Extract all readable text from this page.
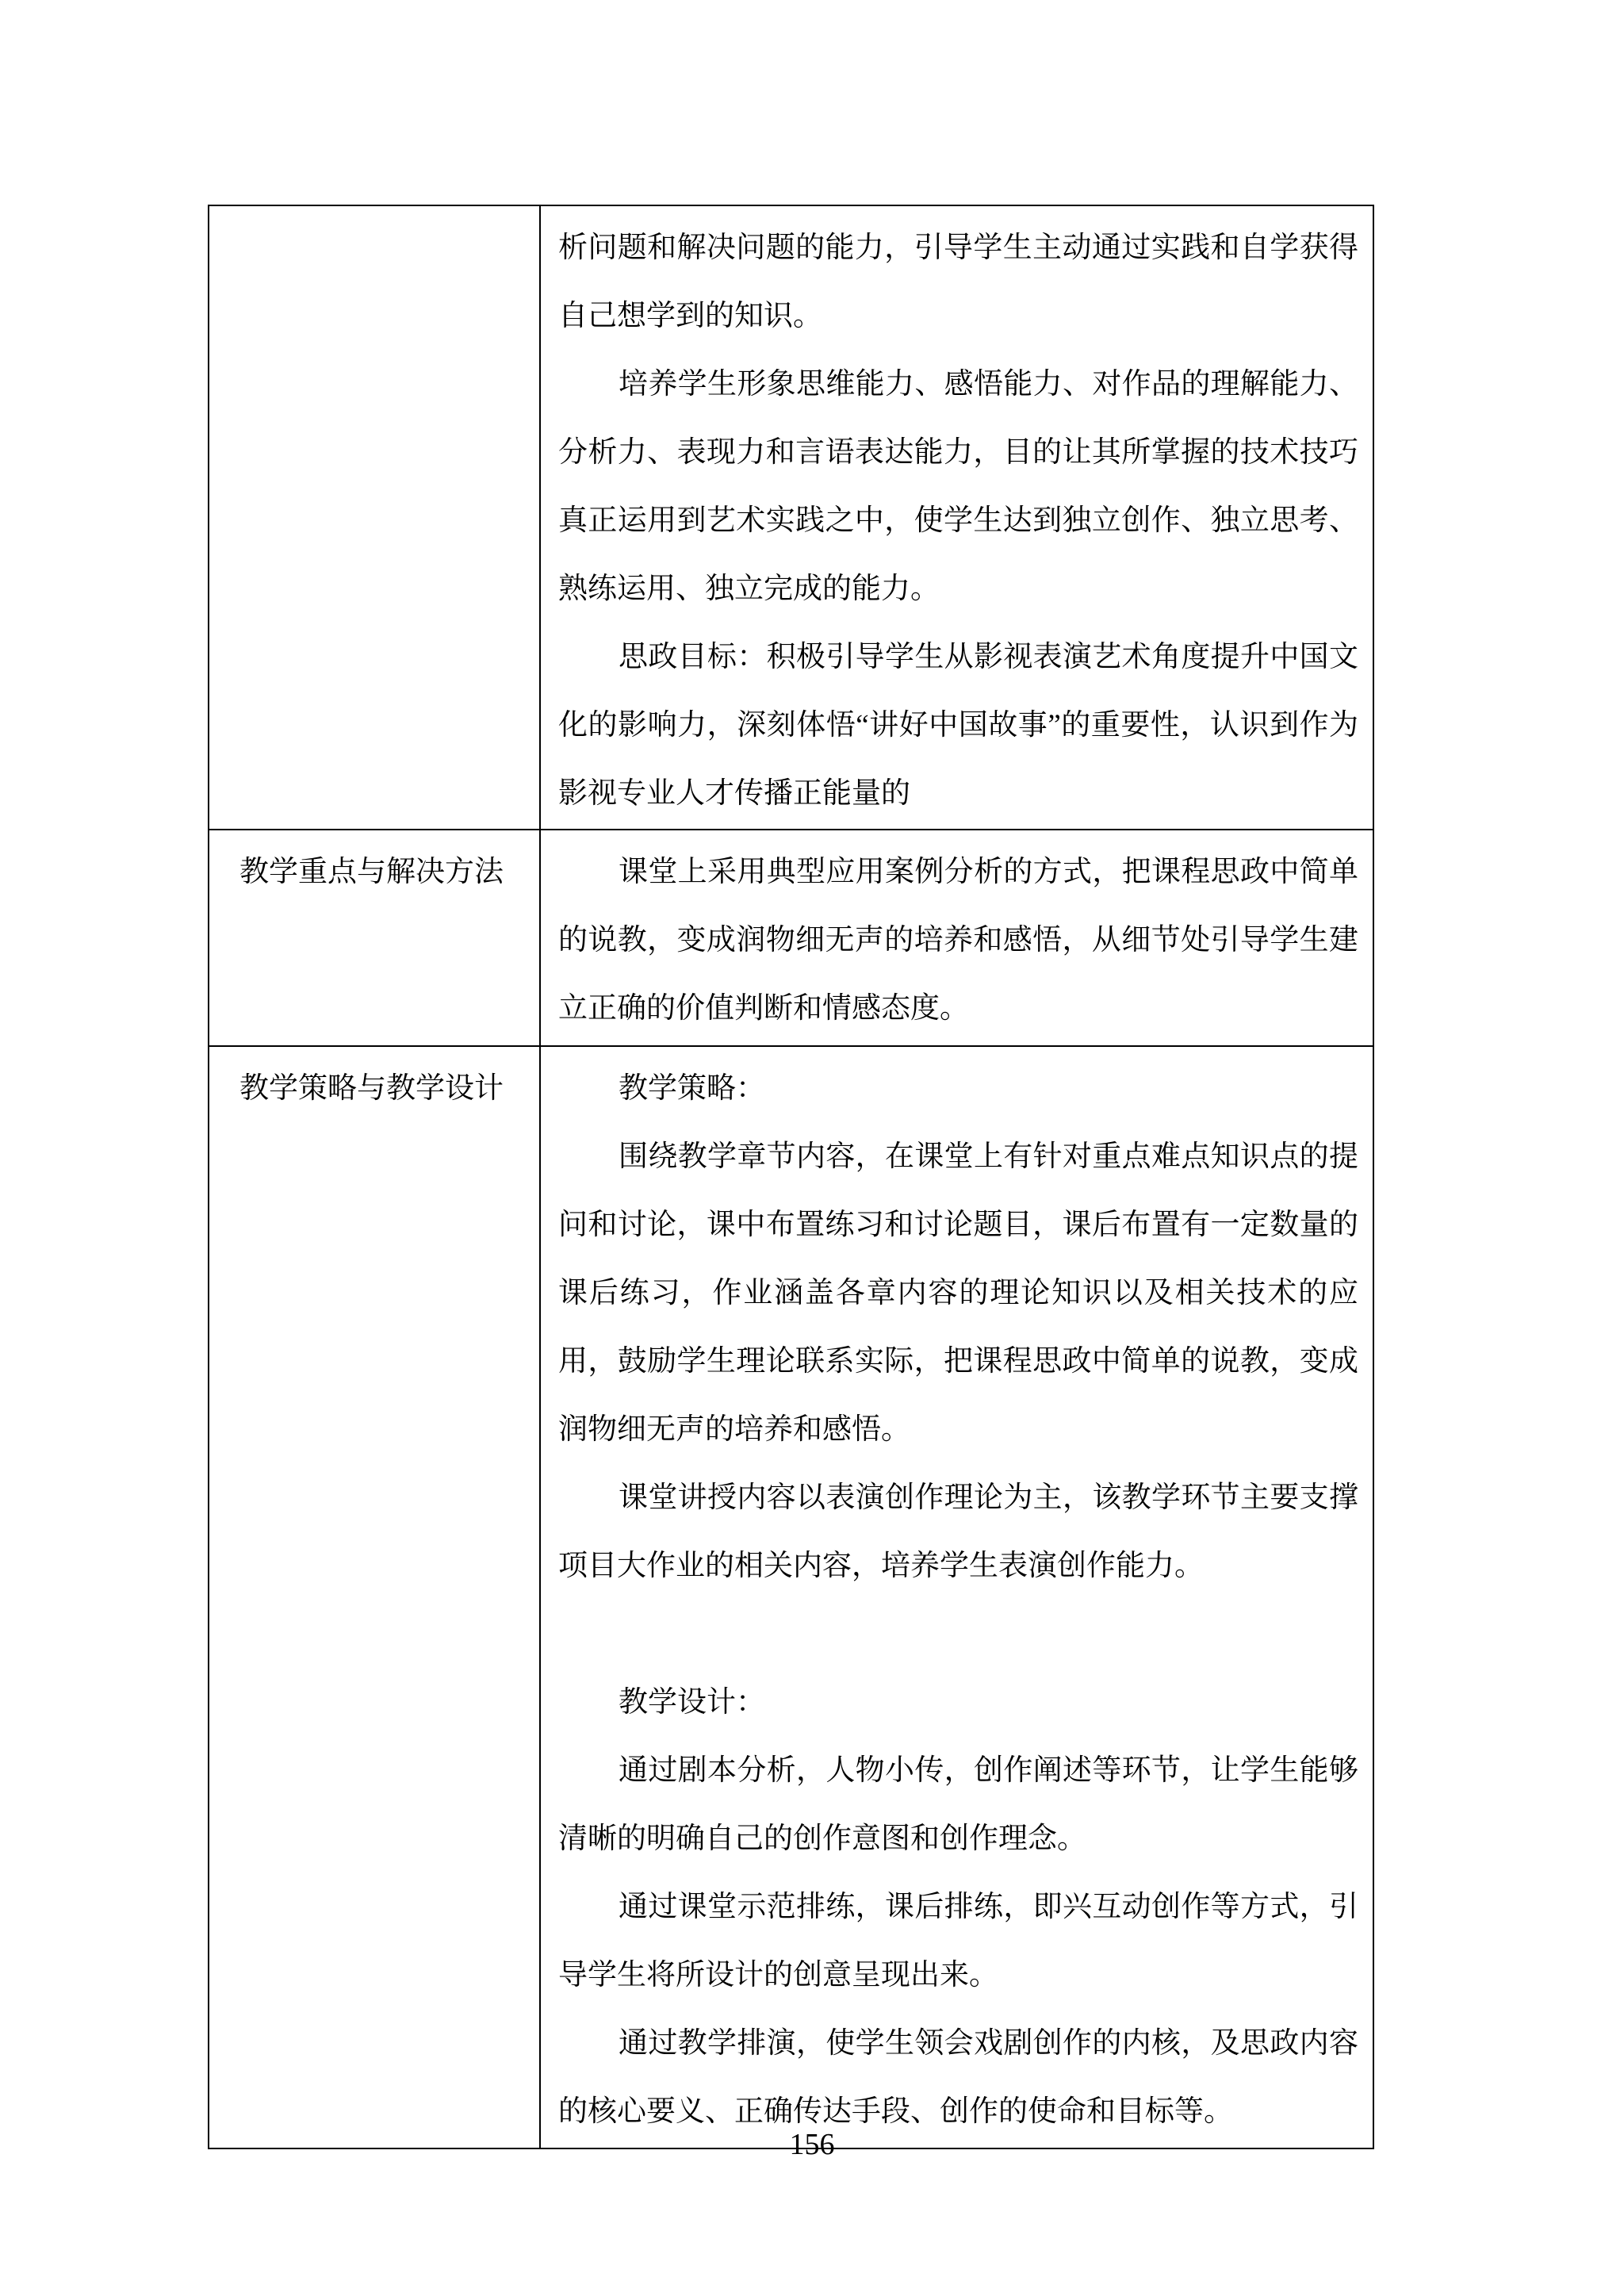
	析问题和解决问题的能力，引导学生主动通过实践和自学获得自己想学到的知识。
培养学生形象思维能力、感悟能力、对作品的理解能力、分析力、表现力和言语表达能力，目的让其所掌握的技术技巧真正运用到艺术实践之中，使学生达到独立创作、独立思考、熟练运用、独立完成的能力。
思政目标：积极引导学生从影视表演艺术角度提升中国文化的影响力，深刻体悟“讲好中国故事”的重要性，认识到作为影视专业人才传播正能量的

教学重点与解决方法	课堂上采用典型应用案例分析的方式，把课程思政中简单的说教，变成润物细无声的培养和感悟，从细节处引导学生建立正确的价值判断和情感态度。

教学策略与教学设计	教学策略：
围绕教学章节内容，在课堂上有针对重点难点知识点的提问和讨论，课中布置练习和讨论题目，课后布置有一定数量的课后练习，作业涵盖各章内容的理论知识以及相关技术的应用，鼓励学生理论联系实际，把课程思政中简单的说教，变成润物细无声的培养和感悟。
课堂讲授内容以表演创作理论为主，该教学环节主要支撑项目大作业的相关内容，培养学生表演创作能力。
教学设计：
通过剧本分析，人物小传，创作阐述等环节，让学生能够清晰的明确自己的创作意图和创作理念。
通过课堂示范排练，课后排练，即兴互动创作等方式，引导学生将所设计的创意呈现出来。
通过教学排演，使学生领会戏剧创作的内核，及思政内容的核心要义、正确传达手段、创作的使命和目标等。
156
